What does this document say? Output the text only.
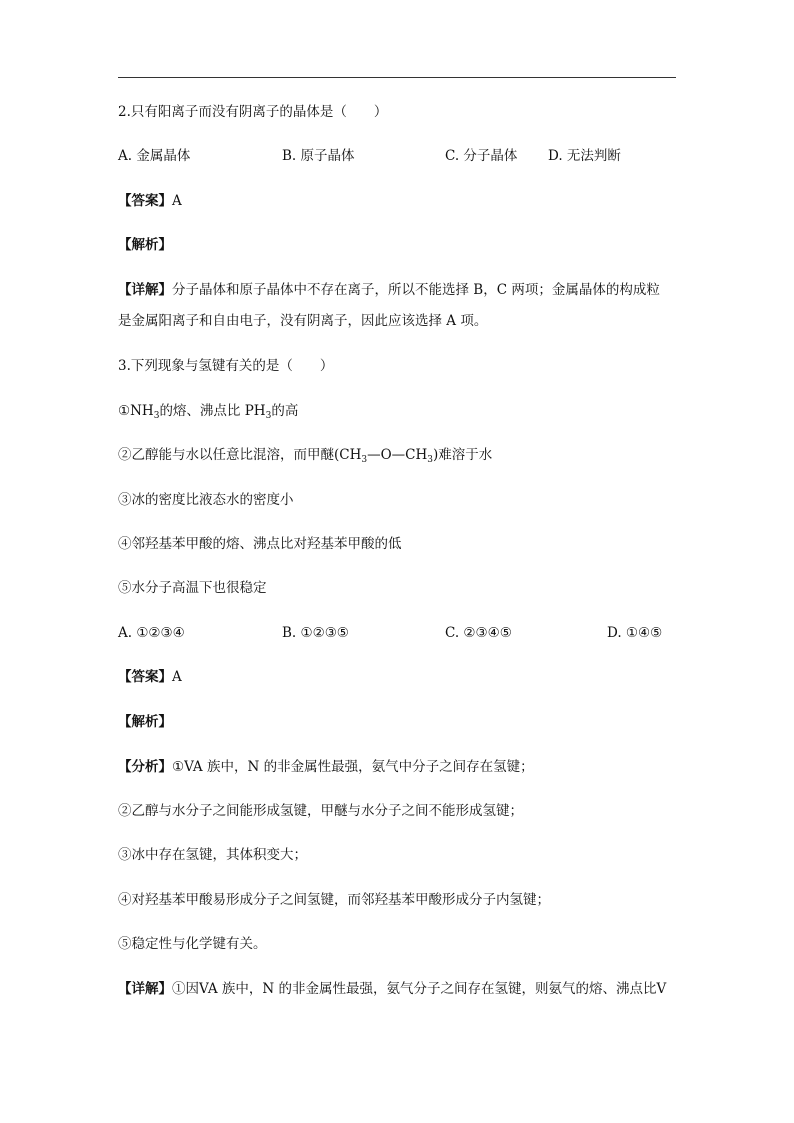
2.只有阳离子而没有阴离子的晶体是（　　）
A. 金属晶体	B. 原子晶体	C. 分子晶体 D. 无法判断
【答案】A
【解析】
【详解】分子晶体和原子晶体中不存在离子，所以不能选择 B，C 两项；金属晶体的构成粒
是金属阳离子和自由电子，没有阴离子，因此应该选择 A 项。
3.下列现象与氢键有关的是（　　）
$①NH_3$的熔、沸点比 $PH_3$的高
②乙醇能与水以任意比混溶，而甲醚$(CH_3—O—CH_3)$难溶于水
③冰的密度比液态水的密度小
④邻羟基苯甲酸的熔、沸点比对羟基苯甲酸的低
⑤水分子高温下也很稳定
A. ①②③④	B. ①②③⑤	C. ②③④⑤	D. ①④⑤
【答案】A
【解析】
【分析】①VA 族中，N 的非金属性最强，氨气中分子之间存在氢键；
②乙醇与水分子之间能形成氢键，甲醚与水分子之间不能形成氢键；
③冰中存在氢键，其体积变大；
④对羟基苯甲酸易形成分子之间氢键，而邻羟基苯甲酸形成分子内氢键；
⑤稳定性与化学键有关。
【详解】①因VA 族中，N 的非金属性最强，氨气分子之间存在氢键，则氨气的熔、沸点比V
